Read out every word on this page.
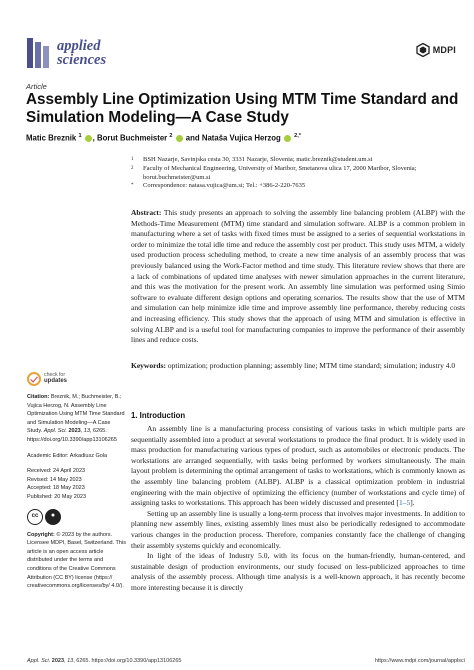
applied
sciences
MDPI
Article
Assembly Line Optimization Using MTM Time Standard and Simulation Modeling—A Case Study
Matic Breznik $^1$ , Borut Buchmeister $^2$  and Nataša Vujica Herzog $^{2,*}$
1	BSH Nazarje, Savinjska cesta 30, 3331 Nazarje, Slovenia; matic.breznik@student.um.si
2	Faculty of Mechanical Engineering, University of Maribor, Smetanova ulica 17, 2000 Maribor, Slovenia; borut.buchmeister@um.si
*	Correspondence: natasa.vujica@um.si; Tel.: +386-2-220-7635
Abstract: This study presents an approach to solving the assembly line balancing problem (ALBP) with the Methods-Time Measurement (MTM) time standard and simulation software. ALBP is a common problem in manufacturing where a set of tasks with fixed times must be assigned to a series of sequential workstations in order to minimize the total idle time and reduce the assembly cost per product. This study uses MTM, a widely used production process scheduling method, to create a new time analysis of an assembly process that was previously balanced using the Work-Factor method and time study. This literature review shows that there are a lack of combinations of updated time analyses with newer simulation approaches in the current literature, and this was the motivation for the present work. An assembly line simulation was performed using Simio software to evaluate different design options and operating scenarios. The results show that the use of MTM and simulation can help minimize idle time and improve assembly line performance, thereby reducing costs and increasing efficiency. This study shows that the approach of using MTM and simulation is effective in solving ALBP and is a useful tool for manufacturing companies to improve the performance of their assembly lines and reduce costs.
Keywords: optimization; production planning; assembly line; MTM time standard; simulation; industry 4.0
check for
updates
Citation: Breznik, M.; Buchmeister, B.; Vujica Herzog, N. Assembly Line Optimization Using MTM Time Standard and Simulation Modeling—A Case Study. Appl. Sci. 2023, 13, 6265. https://doi.org/10.3390/app13106265
Academic Editor: Arkadiusz Gola
Received: 24 April 2023
Revised: 14 May 2023
Accepted: 18 May 2023
Published: 20 May 2023
cc	●
Copyright: © 2023 by the authors. Licensee MDPI, Basel, Switzerland. This article is an open access article distributed under the terms and conditions of the Creative Commons Attribution (CC BY) license (https:// creativecommons.org/licenses/by/ 4.0/).
1. Introduction

An assembly line is a manufacturing process consisting of various tasks in which multiple parts are sequentially assembled into a product at several workstations to produce the final product. It is widely used in mass production for manufacturing various types of product, such as automobiles or electronic products. The workstations are arranged sequentially, with tasks being performed by workers simultaneously. The main layout problem is determining the optimal arrangement of tasks to workstations, which is commonly known as the assembly line balancing problem (ALBP). ALBP is a classical optimization problem in industrial engineering with the main objective of optimizing the efficiency (number of workstations and cycle time) of assigning tasks to workstations. This approach has been widely discussed and presented [1–5].

Setting up an assembly line is usually a long-term process that involves major investments. In addition to planning new assembly lines, existing assembly lines must also be periodically redesigned to accommodate various changes in the production process. Therefore, companies constantly face the challenge of changing their assembly systems quickly and economically.

In light of the ideas of Industry 5.0, with its focus on the human-friendly, human-centered, and sustainable design of production environments, our study focused on less-publicized approaches to time analysis of the assembly process. Although time analysis is a well-known approach, it has recently become more interesting because it is directly

Appl. Sci. 2023, 13, 6265. https://doi.org/10.3390/app13106265	https://www.mdpi.com/journal/applsci
